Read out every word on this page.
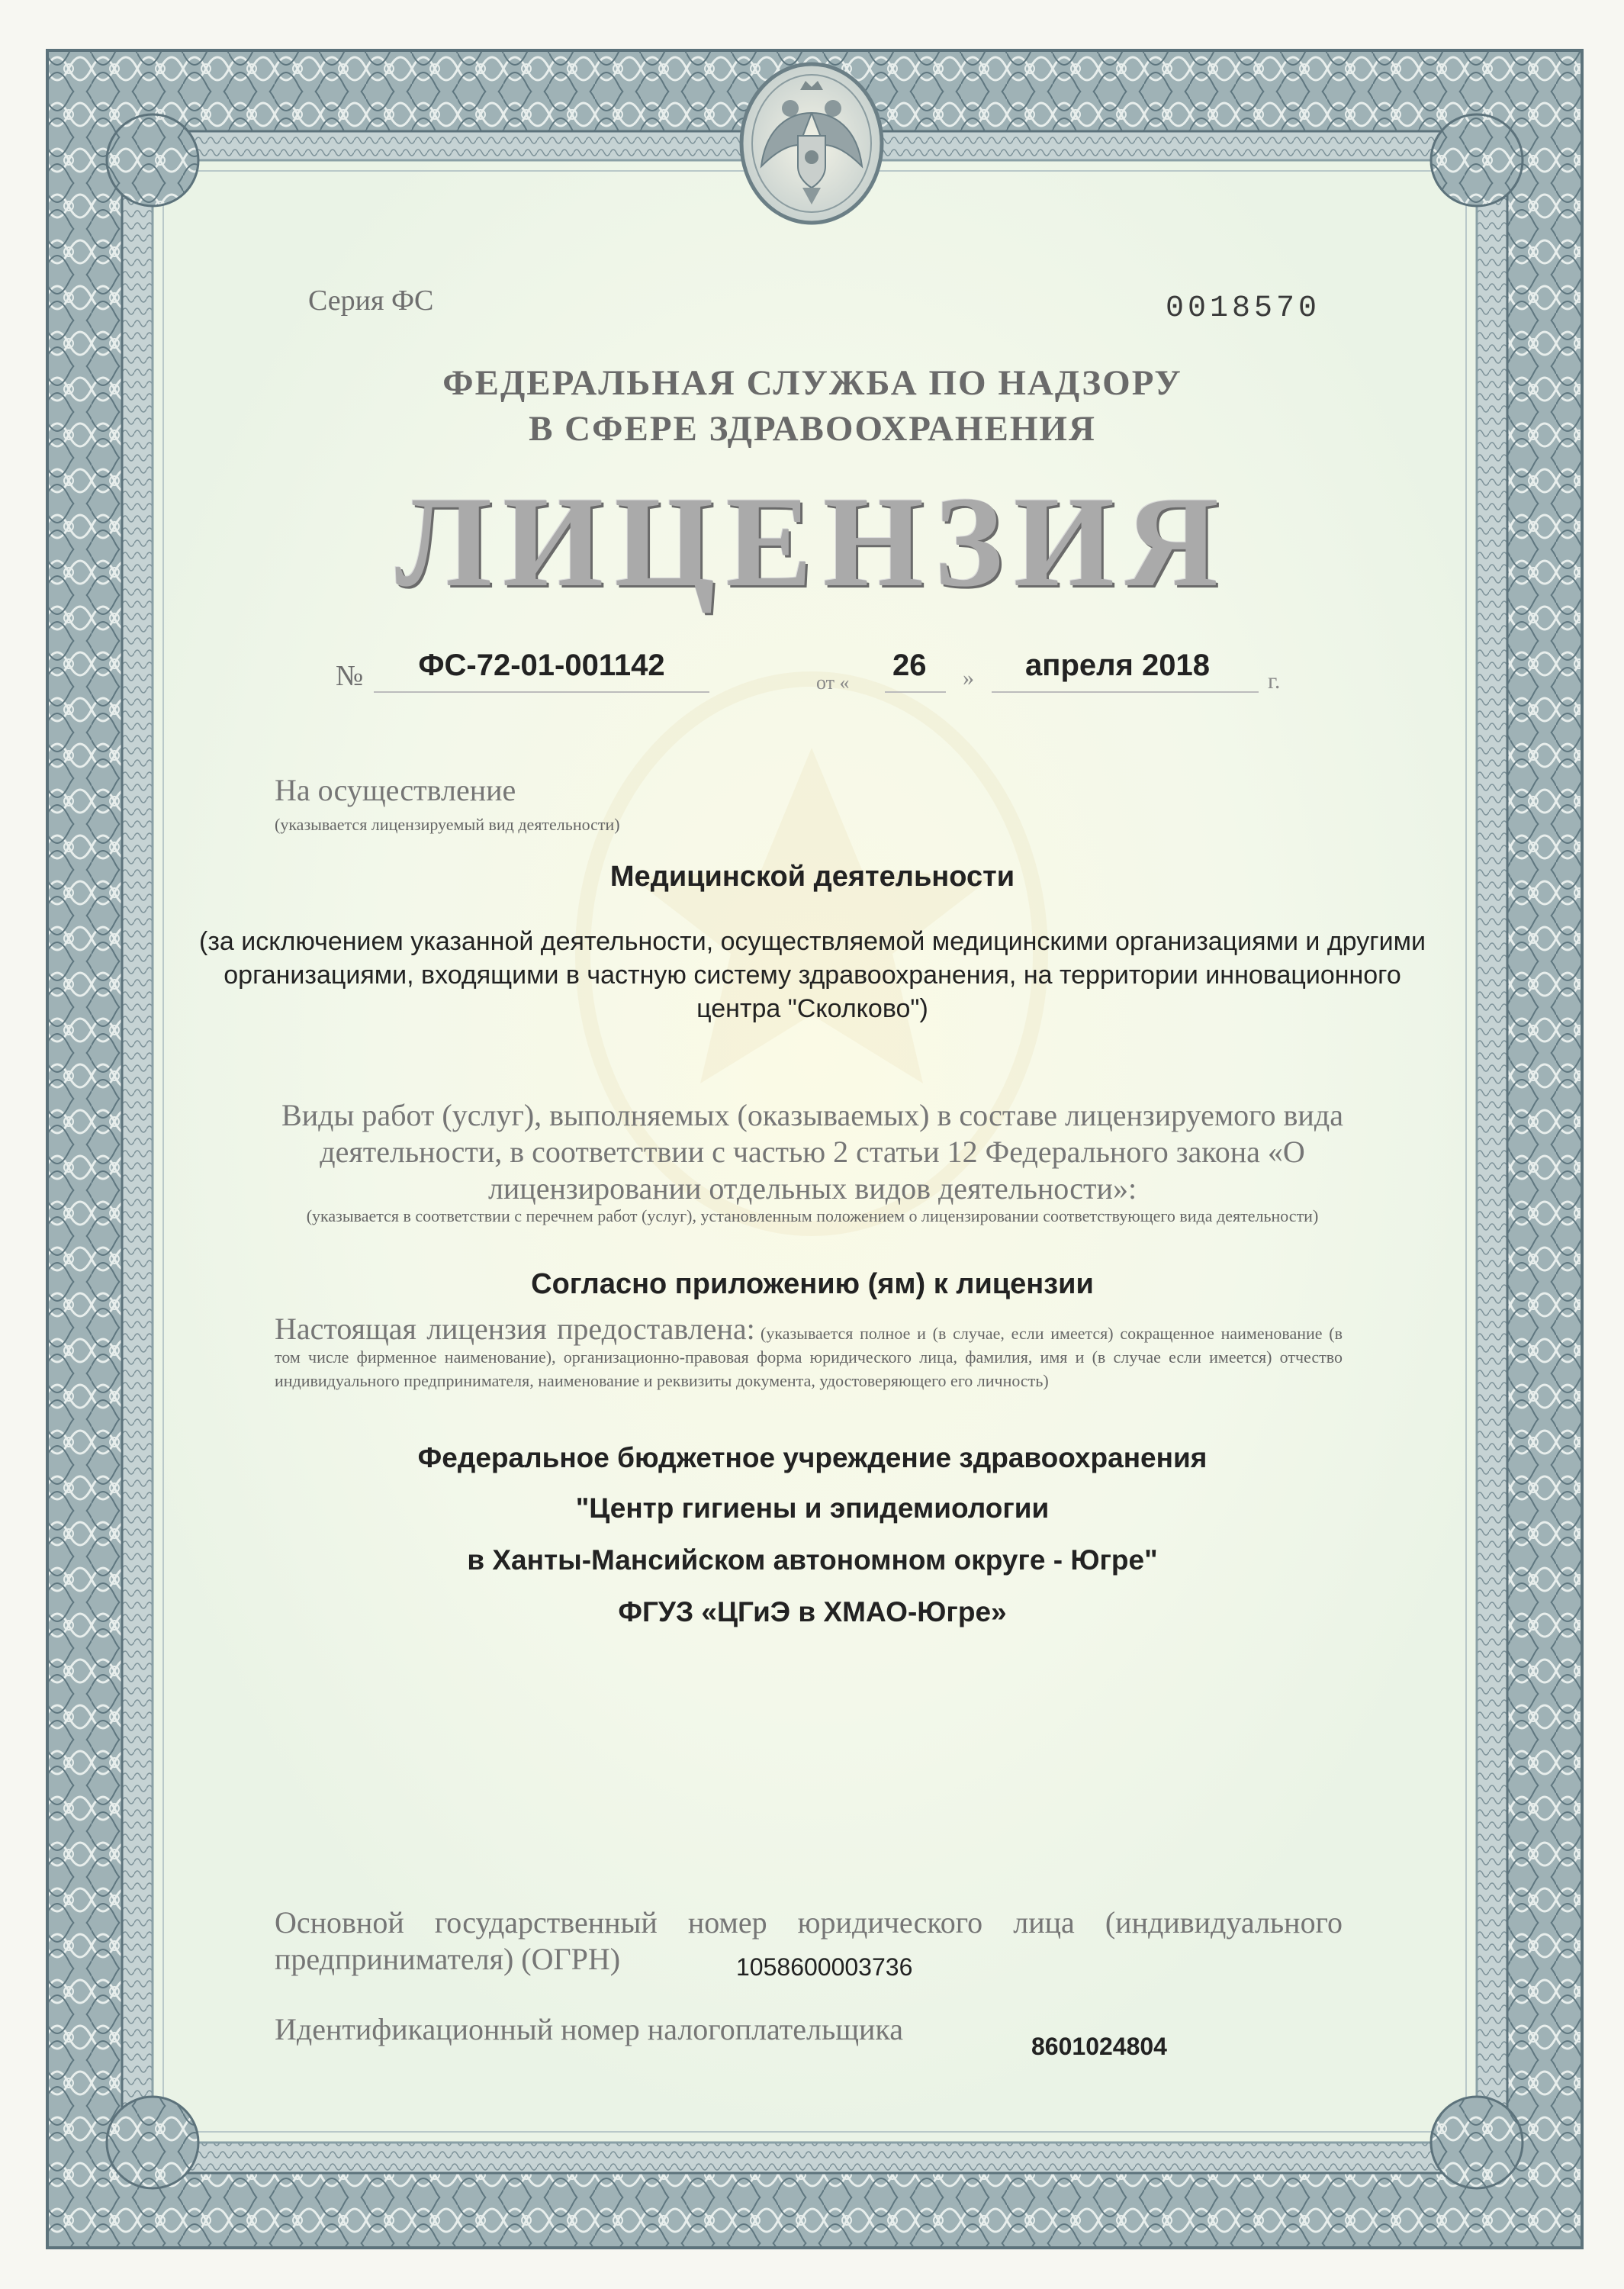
Серия ФС	0018570
ФЕДЕРАЛЬНАЯ СЛУЖБА ПО НАДЗОРУ
В СФЕРЕ ЗДРАВООХРАНЕНИЯ
ЛИЦЕНЗИЯ
№	ФС-72-01-001142
от «
26	»	апреля 2018	г.
На осуществление
(указывается лицензируемый вид деятельности)
Медицинской деятельности
(за исключением указанной деятельности, осуществляемой медицинскими организациями и другими организациями, входящими в частную систему здравоохранения, на территории инновационного центра "Сколково")
Виды работ (услуг), выполняемых (оказываемых) в составе лицензируемого вида деятельности, в соответствии с частью 2 статьи 12 Федерального закона «О лицензировании отдельных видов деятельности»:
(указывается в соответствии с перечнем работ (услуг), установленным положением о лицензировании соответствующего вида деятельности)
Согласно приложению (ям) к лицензии
Настоящая лицензия предоставлена: (указывается полное и (в случае, если имеется) сокращенное наименование (в том числе фирменное наименование), организационно-правовая форма юридического лица, фамилия, имя и (в случае если имеется) отчество индивидуального предпринимателя, наименование и реквизиты документа, удостоверяющего его личность)
Федеральное бюджетное учреждение здравоохранения
"Центр гигиены и эпидемиологии
в Ханты-Мансийском автономном округе - Югре"
ФГУЗ «ЦГиЭ в ХМАО-Югре»
Основной государственный номер юридического лица (индивидуального предпринимателя) (ОГРН)	1058600003736
Идентификационный номер налогоплательщика	8601024804
